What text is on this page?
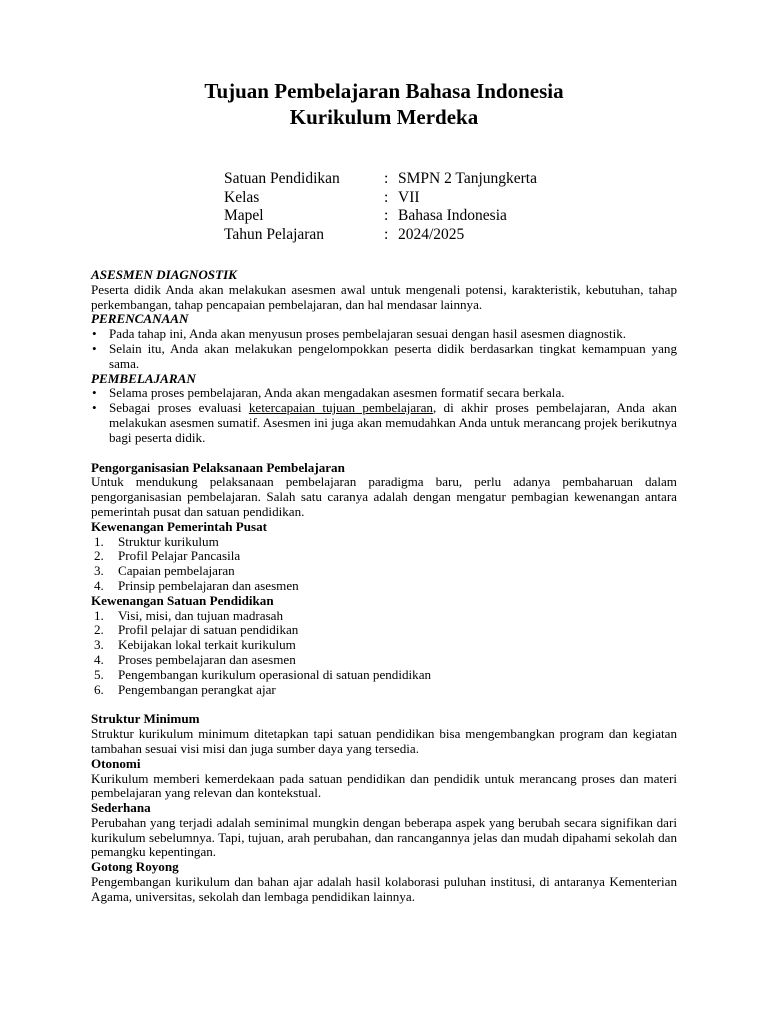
Tujuan Pembelajaran Bahasa Indonesia
Kurikulum Merdeka
Satuan Pendidikan	: SMPN 2 Tanjungkerta
Kelas	: VII
Mapel	: Bahasa Indonesia
Tahun Pelajaran	: 2024/2025
ASESMEN DIAGNOSTIK
Peserta didik Anda akan melakukan asesmen awal untuk mengenali potensi, karakteristik, kebutuhan, tahap perkembangan, tahap pencapaian pembelajaran, dan hal mendasar lainnya.
PERENCANAAN
• Pada tahap ini, Anda akan menyusun proses pembelajaran sesuai dengan hasil asesmen diagnostik.
• Selain itu, Anda akan melakukan pengelompokkan peserta didik berdasarkan tingkat kemampuan yang sama.
PEMBELAJARAN
• Selama proses pembelajaran, Anda akan mengadakan asesmen formatif secara berkala.
• Sebagai proses evaluasi ketercapaian tujuan pembelajaran, di akhir proses pembelajaran, Anda akan melakukan asesmen sumatif. Asesmen ini juga akan memudahkan Anda untuk merancang projek berikutnya bagi peserta didik.
Pengorganisasian Pelaksanaan Pembelajaran
Untuk mendukung pelaksanaan pembelajaran paradigma baru, perlu adanya pembaharuan dalam pengorganisasian pembelajaran. Salah satu caranya adalah dengan mengatur pembagian kewenangan antara pemerintah pusat dan satuan pendidikan.
Kewenangan Pemerintah Pusat
1.	Struktur kurikulum
2.	Profil Pelajar Pancasila
3.	Capaian pembelajaran
4.	Prinsip pembelajaran dan asesmen
Kewenangan Satuan Pendidikan
1.	Visi, misi, dan tujuan madrasah
2.	Profil pelajar di satuan pendidikan
3.	Kebijakan lokal terkait kurikulum
4.	Proses pembelajaran dan asesmen
5.	Pengembangan kurikulum operasional di satuan pendidikan
6.	Pengembangan perangkat ajar
Struktur Minimum
Struktur kurikulum minimum ditetapkan tapi satuan pendidikan bisa mengembangkan program dan kegiatan tambahan sesuai visi misi dan juga sumber daya yang tersedia.
Otonomi
Kurikulum memberi kemerdekaan pada satuan pendidikan dan pendidik untuk merancang proses dan materi pembelajaran yang relevan dan kontekstual.
Sederhana
Perubahan yang terjadi adalah seminimal mungkin dengan beberapa aspek yang berubah secara signifikan dari kurikulum sebelumnya. Tapi, tujuan, arah perubahan, dan rancangannya jelas dan mudah dipahami sekolah dan pemangku kepentingan.
Gotong Royong
Pengembangan kurikulum dan bahan ajar adalah hasil kolaborasi puluhan institusi, di antaranya Kementerian Agama, universitas, sekolah dan lembaga pendidikan lainnya.
